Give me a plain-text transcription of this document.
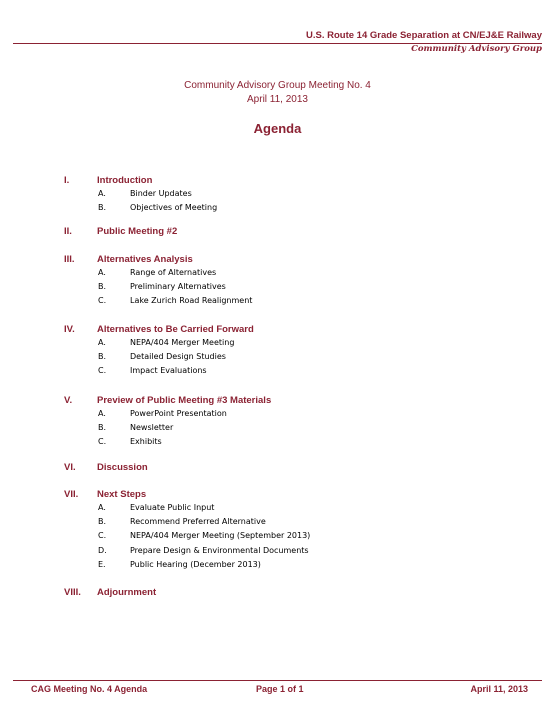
U.S. Route 14 Grade Separation at CN/EJ&E Railway
Community Advisory Group
Community Advisory Group Meeting No. 4
April 11, 2013
Agenda
I.	Introduction
A.	Binder Updates
B.	Objectives of Meeting
II.	Public Meeting #2
III. Alternatives Analysis
A.	Range of Alternatives
B.	Preliminary Alternatives
C.	Lake Zurich Road Realignment
IV. Alternatives to Be Carried Forward
A.	NEPA/404 Merger Meeting
B.	Detailed Design Studies
C.	Impact Evaluations
V.	Preview of Public Meeting #3 Materials
A.	PowerPoint Presentation
B.	Newsletter
C.	Exhibits
VI. Discussion
VII. Next Steps
A.	Evaluate Public Input
B.	Recommend Preferred Alternative
C.	NEPA/404 Merger Meeting (September 2013)
D.	Prepare Design & Environmental Documents
E.	Public Hearing (December 2013)
VIII. Adjournment
CAG Meeting No. 4 Agenda	Page 1 of 1	April 11, 2013
